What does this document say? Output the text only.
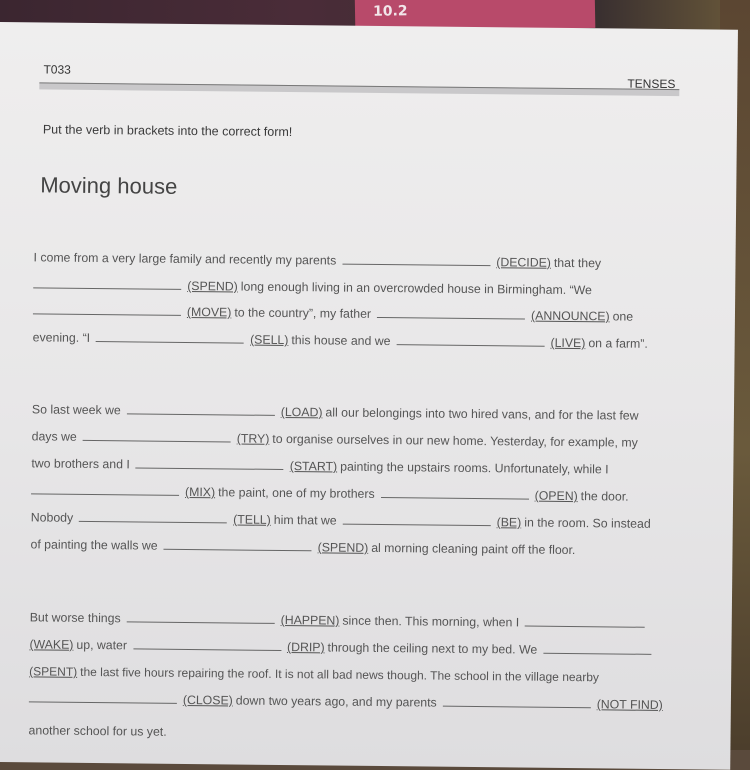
10.2
T033
TENSES
Put the verb in brackets into the correct form!
Moving house
I come from a very large family and recently my parents	(DECIDE) that they
(SPEND) long enough living in an overcrowded house in Birmingham. “We
(MOVE) to the country”, my father	(ANNOUNCE) one
evening. “I	(SELL) this house and we	(LIVE) on a farm”.
So last week we	(LOAD) all our belongings into two hired vans, and for the last few
days we	(TRY) to organise ourselves in our new home. Yesterday, for example, my
two brothers and I	(START) painting the upstairs rooms. Unfortunately, while I
(MIX) the paint, one of my brothers	(OPEN) the door.
Nobody	(TELL) him that we	(BE) in the room. So instead
of painting the walls we	(SPEND) al morning cleaning paint off the floor.
But worse things	(HAPPEN) since then. This morning, when I
(WAKE) up, water	(DRIP) through the ceiling next to my bed. We
(SPENT) the last five hours repairing the roof. It is not all bad news though. The school in the village nearby
(CLOSE) down two years ago, and my parents	(NOT FIND)
another school for us yet.
